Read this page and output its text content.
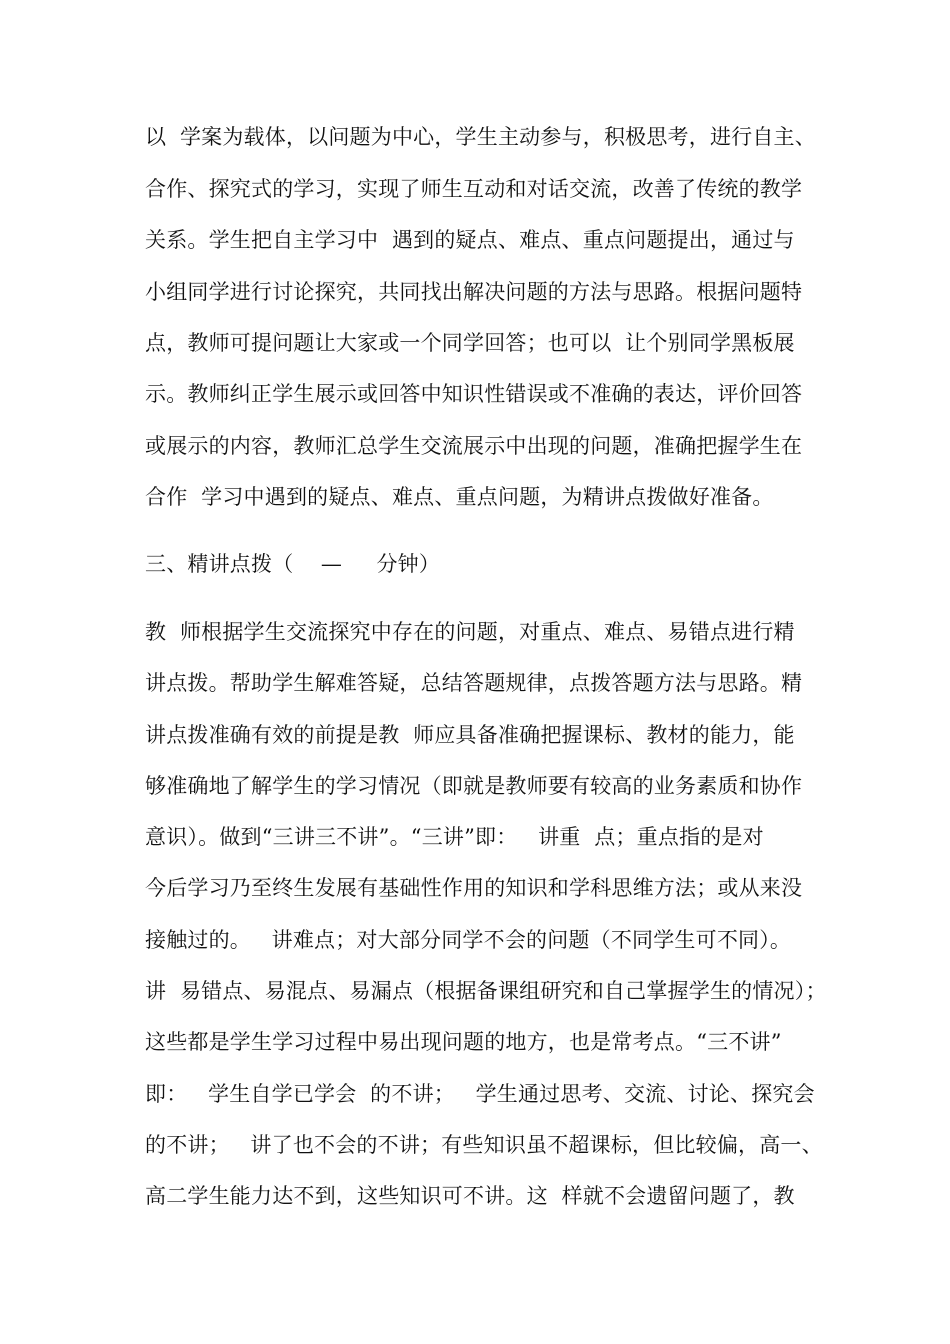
以  学案为载体，以问题为中心，学生主动参与，积极思考，进行自主、
合作、探究式的学习，实现了师生互动和对话交流，改善了传统的教学
关系。学生把自主学习中  遇到的疑点、难点、重点问题提出，通过与
小组同学进行讨论探究，共同找出解决问题的方法与思路。根据问题特
点，教师可提问题让大家或一个同学回答；也可以  让个别同学黑板展
示。教师纠正学生展示或回答中知识性错误或不准确的表达，评价回答
或展示的内容，教师汇总学生交流展示中出现的问题，准确把握学生在
合作  学习中遇到的疑点、难点、重点问题，为精讲点拨做好准备。
三、精讲点拨（    —     分钟）
教  师根据学生交流探究中存在的问题，对重点、难点、易错点进行精
讲点拨。帮助学生解难答疑，总结答题规律，点拨答题方法与思路。精
讲点拨准确有效的前提是教  师应具备准确把握课标、教材的能力，能
够准确地了解学生的学习情况（即就是教师要有较高的业务素质和协作
意识）。做到“三讲三不讲”。“三讲”即：   讲重  点；重点指的是对
今后学习乃至终生发展有基础性作用的知识和学科思维方法；或从来没
接触过的。   讲难点；对大部分同学不会的问题（不同学生可不同）。
讲  易错点、易混点、易漏点（根据备课组研究和自己掌握学生的情况）；
这些都是学生学习过程中易出现问题的地方，也是常考点。“三不讲”
即：   学生自学已学会  的不讲；   学生通过思考、交流、讨论、探究会
的不讲；   讲了也不会的不讲；有些知识虽不超课标，但比较偏，高一、
高二学生能力达不到，这些知识可不讲。这  样就不会遗留问题了，教
